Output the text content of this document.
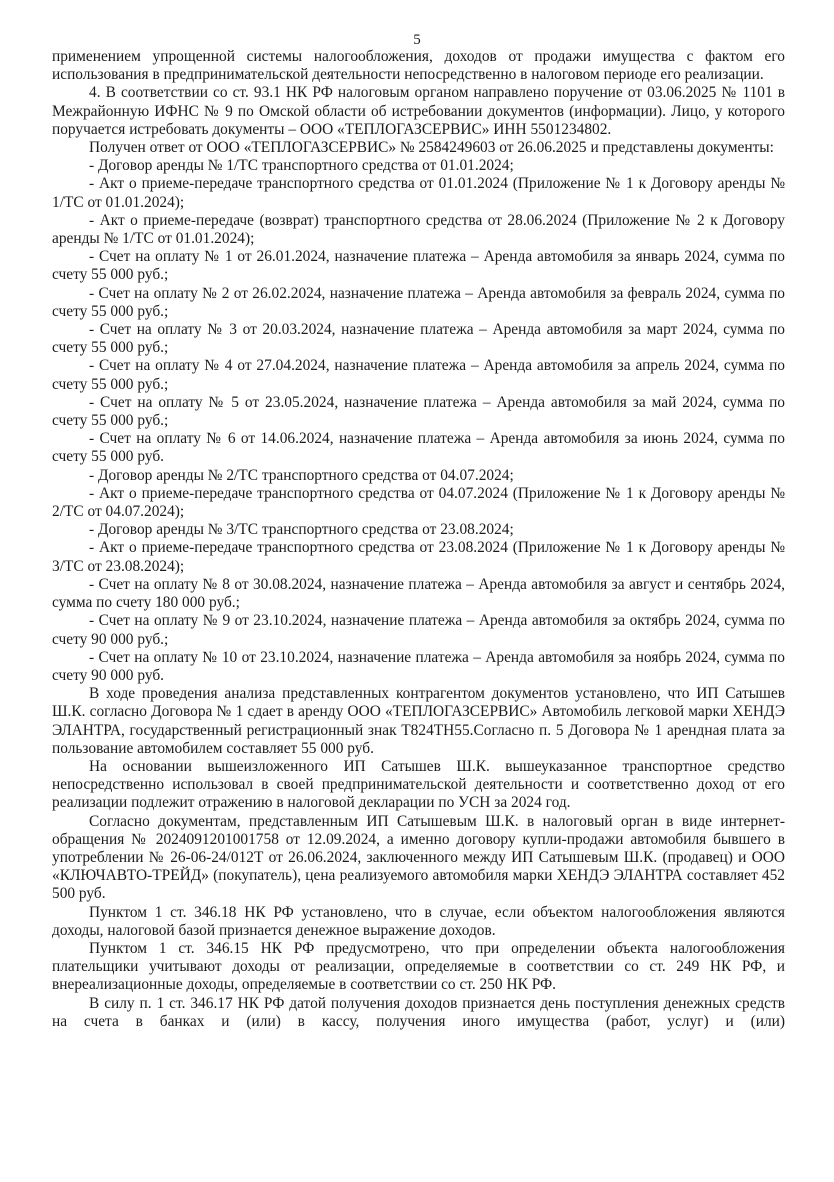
5

применением упрощенной системы налогообложения, доходов от продажи имущества с фактом его использования в предпринимательской деятельности непосредственно в налоговом периоде его реализации.

4. В соответствии со ст. 93.1 НК РФ налоговым органом направлено поручение от 03.06.2025 № 1101 в Межрайонную ИФНС № 9 по Омской области об истребовании документов (информации). Лицо, у которого поручается истребовать документы – ООО «ТЕПЛОГАЗСЕРВИС» ИНН 5501234802.

Получен ответ от ООО «ТЕПЛОГАЗСЕРВИС» № 2584249603 от 26.06.2025 и представлены документы:

- Договор аренды № 1/ТС транспортного средства от 01.01.2024;

- Акт о приеме-передаче транспортного средства от 01.01.2024 (Приложение № 1 к Договору аренды № 1/ТС от 01.01.2024);

- Акт о приеме-передаче (возврат) транспортного средства от 28.06.2024 (Приложение № 2 к Договору аренды № 1/ТС от 01.01.2024);

- Счет на оплату № 1 от 26.01.2024, назначение платежа – Аренда автомобиля за январь 2024, сумма по счету 55 000 руб.;

- Счет на оплату № 2 от 26.02.2024, назначение платежа – Аренда автомобиля за февраль 2024, сумма по счету 55 000 руб.;

- Счет на оплату № 3 от 20.03.2024, назначение платежа – Аренда автомобиля за март 2024, сумма по счету 55 000 руб.;

- Счет на оплату № 4 от 27.04.2024, назначение платежа – Аренда автомобиля за апрель 2024, сумма по счету 55 000 руб.;

- Счет на оплату № 5 от 23.05.2024, назначение платежа – Аренда автомобиля за май 2024, сумма по счету 55 000 руб.;

- Счет на оплату № 6 от 14.06.2024, назначение платежа – Аренда автомобиля за июнь 2024, сумма по счету 55 000 руб.

- Договор аренды № 2/ТС транспортного средства от 04.07.2024;

- Акт о приеме-передаче транспортного средства от 04.07.2024 (Приложение № 1 к Договору аренды № 2/ТС от 04.07.2024);

- Договор аренды № 3/ТС транспортного средства от 23.08.2024;

- Акт о приеме-передаче транспортного средства от 23.08.2024 (Приложение № 1 к Договору аренды № 3/ТС от 23.08.2024);

- Счет на оплату № 8 от 30.08.2024, назначение платежа – Аренда автомобиля за август и сентябрь 2024, сумма по счету 180 000 руб.;

- Счет на оплату № 9 от 23.10.2024, назначение платежа – Аренда автомобиля за октябрь 2024, сумма по счету 90 000 руб.;

- Счет на оплату № 10 от 23.10.2024, назначение платежа – Аренда автомобиля за ноябрь 2024, сумма по счету 90 000 руб.

В ходе проведения анализа представленных контрагентом документов установлено, что ИП Сатышев Ш.К. согласно Договора № 1 сдает в аренду ООО «ТЕПЛОГАЗСЕРВИС» Автомобиль легковой марки ХЕНДЭ ЭЛАНТРА, государственный регистрационный знак Т824ТН55.Согласно п. 5 Договора № 1 арендная плата за пользование автомобилем составляет 55 000 руб.

На основании вышеизложенного ИП Сатышев Ш.К. вышеуказанное транспортное средство непосредственно использовал в своей предпринимательской деятельности и соответственно доход от его реализации подлежит отражению в налоговой декларации по УСН за 2024 год.

Согласно документам, представленным ИП Сатышевым Ш.К. в налоговый орган в виде интернет-обращения № 2024091201001758 от 12.09.2024, а именно договору купли-продажи автомобиля бывшего в употреблении № 26-06-24/012Т от 26.06.2024, заключенного между ИП Сатышевым Ш.К. (продавец) и ООО «КЛЮЧАВТО-ТРЕЙД» (покупатель), цена реализуемого автомобиля марки ХЕНДЭ ЭЛАНТРА составляет 452 500 руб.

Пунктом 1 ст. 346.18 НК РФ установлено, что в случае, если объектом налогообложения являются доходы, налоговой базой признается денежное выражение доходов.

Пунктом 1 ст. 346.15 НК РФ предусмотрено, что при определении объекта налогообложения плательщики учитывают доходы от реализации, определяемые в соответствии со ст. 249 НК РФ, и внереализационные доходы, определяемые в соответствии со ст. 250 НК РФ.

В силу п. 1 ст. 346.17 НК РФ датой получения доходов признается день поступления денежных средств на счета в банках и (или) в кассу, получения иного имущества (работ, услуг) и (или)
